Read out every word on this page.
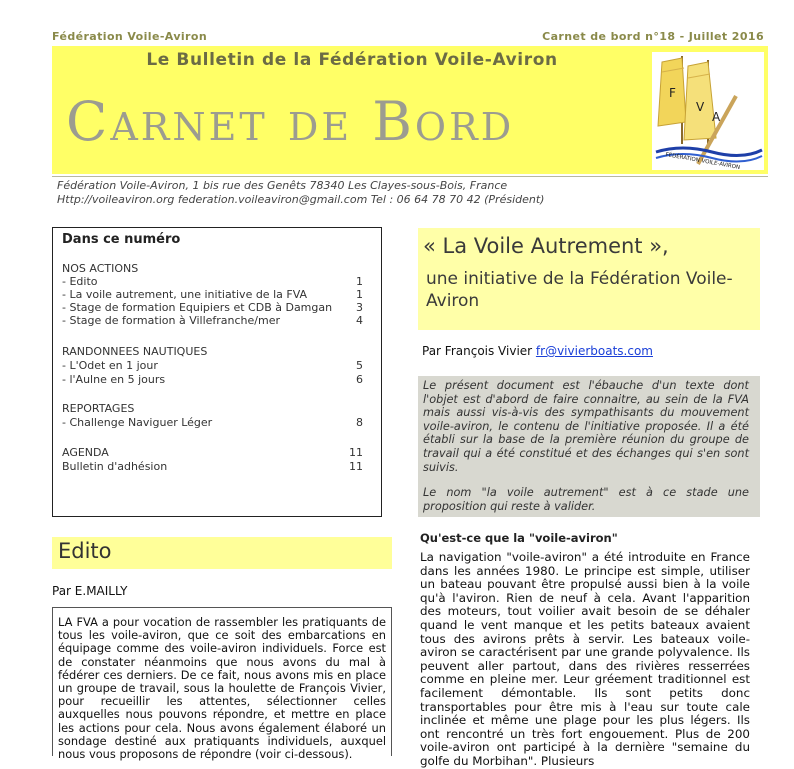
Fédération Voile-Aviron	Carnet de bord n°18 - Juillet 2016
Le Bulletin de la Fédération Voile-Aviron
Carnet de Bord	F
V
A
FÉDÉRATION VOILE-AVIRON
Fédération Voile-Aviron, 1 bis rue des Genêts 78340 Les Clayes-sous-Bois, France
Http://voileaviron.org federation.voileaviron@gmail.com Tel : 06 64 78 70 42 (Président)
Dans ce numéro
NOS ACTIONS
- Edito	1
- La voile autrement, une initiative de la FVA	1
- Stage de formation Equipiers et CDB à Damgan 3
- Stage de formation à Villefranche/mer	4
RANDONNEES NAUTIQUES
- L'Odet en 1 jour	5
- l'Aulne en 5 jours	6
REPORTAGES
- Challenge Naviguer Léger	8
AGENDA	11
Bulletin d'adhésion	11
Edito
Par E.MAILLY
LA FVA a pour vocation de rassembler les pratiquants de tous les voile-aviron, que ce soit des embarcations en équipage comme des voile-aviron individuels. Force est de constater néanmoins que nous avons du mal à fédérer ces derniers. De ce fait, nous avons mis en place un groupe de travail, sous la houlette de François Vivier, pour recueillir les attentes, sélectionner celles auxquelles nous pouvons répondre, et mettre en place les actions pour cela. Nous avons également élaboré un sondage destiné aux pratiquants individuels, auxquel nous vous proposons de répondre (voir ci-dessous).
« La Voile Autrement »,
une initiative de la Fédération Voile-Aviron
Par François Vivier fr@vivierboats.com
Le présent document est l'ébauche d'un texte dont l'objet est d'abord de faire connaitre, au sein de la FVA mais aussi vis-à-vis des sympathisants du mouvement voile-aviron, le contenu de l'initiative proposée. Il a été établi sur la base de la première réunion du groupe de travail qui a été constitué et des échanges qui s'en sont suivis.
Le nom "la voile autrement" est à ce stade une proposition qui reste à valider.
Qu'est-ce que la "voile-aviron"
La navigation "voile-aviron" a été introduite en France dans les années 1980. Le principe est simple, utiliser un bateau pouvant être propulsé aussi bien à la voile qu'à l'aviron. Rien de neuf à cela. Avant l'apparition des moteurs, tout voilier avait besoin de se déhaler quand le vent manque et les petits bateaux avaient tous des avirons prêts à servir. Les bateaux voile-aviron se caractérisent par une grande polyvalence. Ils peuvent aller partout, dans des rivières resserrées comme en pleine mer. Leur gréement traditionnel est facilement démontable. Ils sont petits donc transportables pour être mis à l'eau sur toute cale inclinée et même une plage pour les plus légers. Ils ont rencontré un très fort engouement. Plus de 200 voile-aviron ont participé à la dernière "semaine du golfe du Morbihan". Plusieurs
